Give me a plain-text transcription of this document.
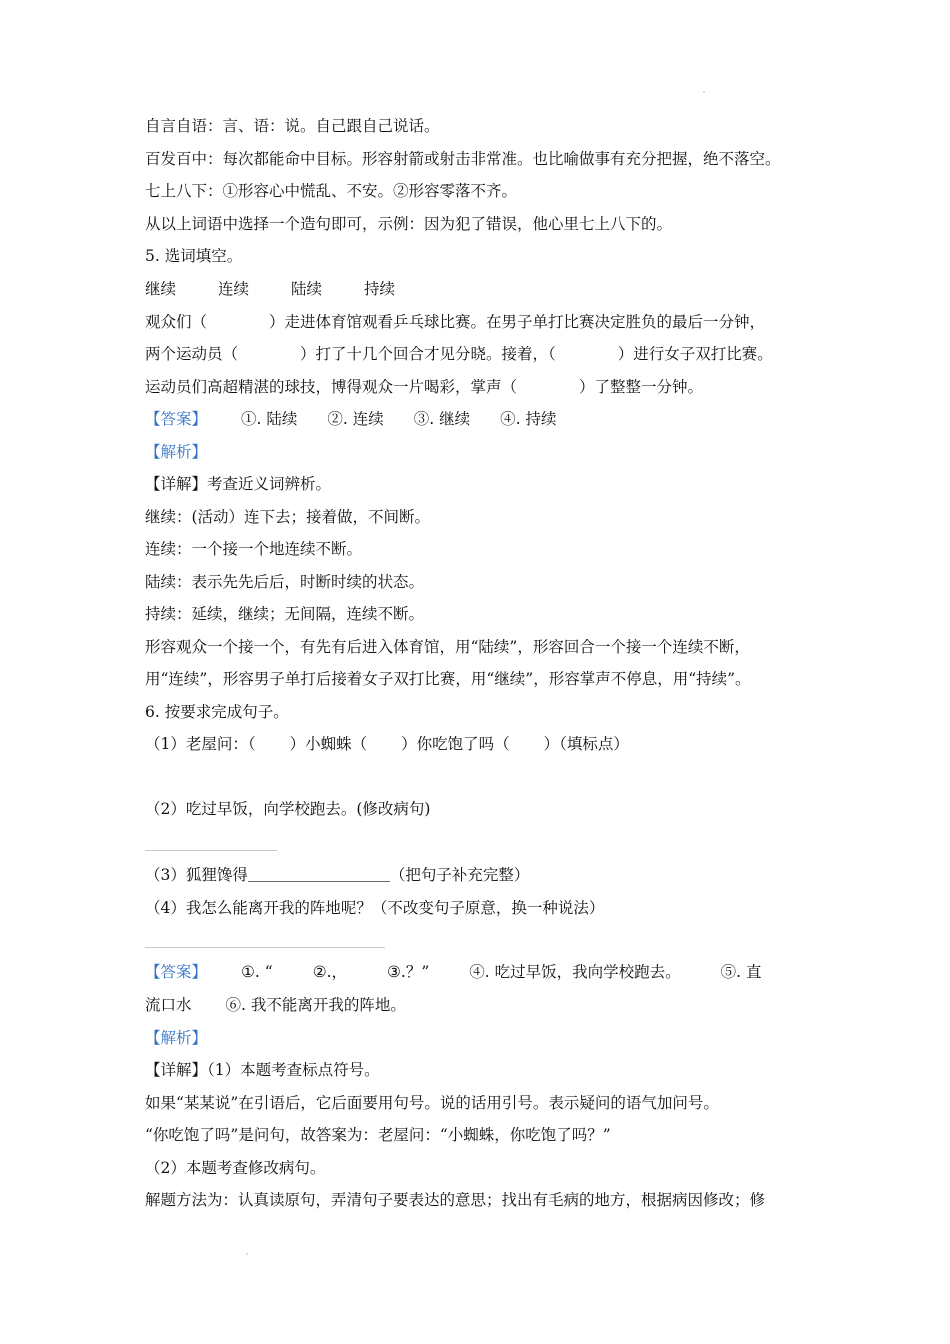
自言自语：言、语：说。自己跟自己说话。
百发百中：每次都能命中目标。形容射箭或射击非常准。也比喻做事有充分把握，绝不落空。
七上八下：①形容心中慌乱、不安。②形容零落不齐。
从以上词语中选择一个造句即可，示例：因为犯了错误，他心里七上八下的。
5. 选词填空。
继续	连续	陆续	持续
观众们（	）走进体育馆观看乒乓球比赛。在男子单打比赛决定胜负的最后一分钟，
两个运动员（	）打了十几个回合才见分晓。接着，（	）进行女子双打比赛。
运动员们高超精湛的球技，博得观众一片喝彩，掌声（	）了整整一分钟。
【答案】 ①. 陆续 ②. 连续 ③. 继续 ④. 持续
【解析】
【详解】考查近义词辨析。
继续：(活动）连下去；接着做，不间断。
连续：一个接一个地连续不断。
陆续：表示先先后后，时断时续的状态。
持续：延续，继续；无间隔，连续不断。
形容观众一个接一个，有先有后进入体育馆，用“陆续”，形容回合一个接一个连续不断，
用“连续”，形容男子单打后接着女子双打比赛，用“继续”，形容掌声不停息，用“持续”。
6. 按要求完成句子。
（1）老屋问：（ ）小蜘蛛（ ）你吃饱了吗（ ）（填标点）
（2）吃过早饭，向学校跑去。(修改病句)
（3）狐狸馋得	（把句子补充完整）
（4）我怎么能离开我的阵地呢？（不改变句子原意，换一种说法）
【答案】 ①. “	②.，	③.？”	④. 吃过早饭，我向学校跑去。	⑤. 直
流口水 ⑥. 我不能离开我的阵地。
【解析】
【详解】（1）本题考查标点符号。
如果“某某说”在引语后，它后面要用句号。说的话用引号。表示疑问的语气加问号。
“你吃饱了吗”是问句，故答案为：老屋问：“小蜘蛛，你吃饱了吗？”
（2）本题考查修改病句。
解题方法为：认真读原句，弄清句子要表达的意思；找出有毛病的地方，根据病因修改；修
